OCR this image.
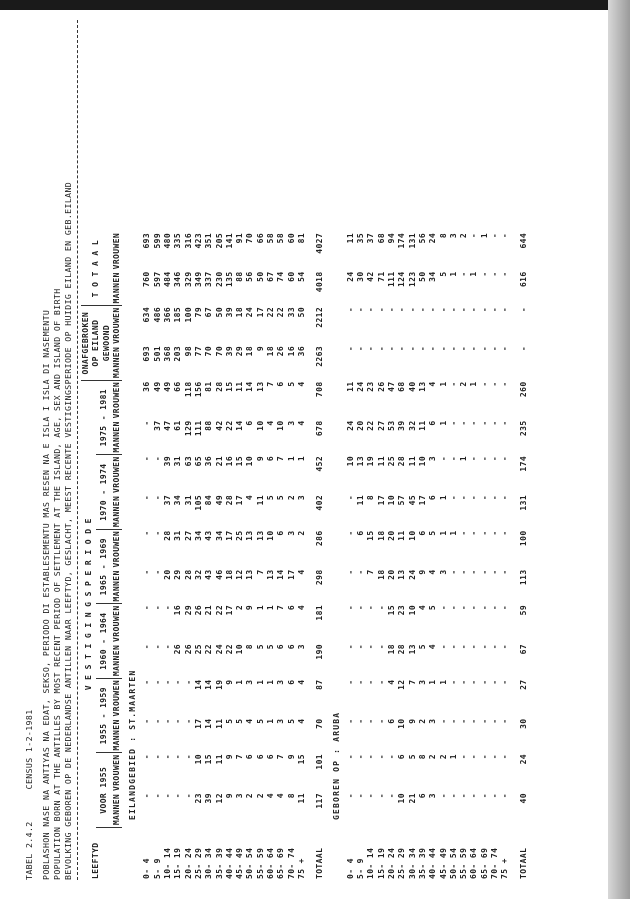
TABEL 2.4.2      CENSUS 1-2-1981 POBLASHON NASE NA ANTIYAS NA EDAT, SEKSO, PERIODO DI ESTABLESEMENTU MAS RESEN NA E ISLA I ISLA DI NASEMENTU POPULATION BORN AT THE ANTILLES BY MOST RECENT PERIOD OF SETTLEMENT AT THE ISLAND, AGE, SEX AND ISLAND OF BIRTH BEVOLKING GEBOREN OP DE NEDERLANDSE ANTILLEN NAAR LEEFTYD, GESLACHT, MEEST RECENTE VESTIGINGSPERIODE OP HUIDIG EILAND EN GEB.EILAND LEEFTYD	V E S T I G I N G S P E R I O D E												ONAFGEBROKEN OP EILAND GEWOOND		T O T A A L	
	VOOR 1955		1955 - 1959		1960 - 1964		1965 - 1969		1970 - 1974		1975 - 1981					
	MANNEN	VROUWEN	MANNEN	VROUWEN	MANNEN	VROUWEN	MANNEN	VROUWEN	MANNEN	VROUWEN	MANNEN	VROUWEN	MANNEN	VROUWEN	MANNEN	VROUWEN
EILANDGEBIED : ST.MAARTEN																
0- 4	-	-	-	-	-	-	-	-	-	-	-	36	693	634	760	693
5- 9	-	-	-	-	-	-	-	-	-	-	37	49	501	486	597	599
10- 14	-	-	-	-	-	-	20	28	37	39	47	49	368	366	484	480
15- 19	-	-	-	-	26	16	29	31	34	31	61	66	203	185	346	335
20- 24	-	-	-	-	26	29	28	27	31	63	129	118	98	100	329	316
25- 29	23	10	17	14	25	26	32	34	105	65	111	156	77	79	349	423
30- 34	39	15	14	14	22	21	43	43	84	36	88	81	70	67	337	351
35- 39	12	11	11	19	24	22	46	34	49	21	42	28	70	50	230	205
40- 44	9	9	5	9	22	17	18	17	28	16	22	15	39	39	135	141
45- 49	3	7	5	1	10	2	12	25	17	15	14	11	29	18	88	91
50- 54	2	6	4	3	8	9	13	13	4	10	6	14	18	24	56	70
55- 59	2	6	5	1	5	1	7	13	11	9	10	13	9	17	50	66
60- 64	4	6	1	1	5	1	13	10	5	6	4	7	18	22	67	58
65- 69	4	7	3	3	6	7	14	6	5	7	10	6	26	22	74	58
70- 74	8	9	5	6	6	6	17	3	2	1	3	5	16	33	60	60
75 +	11	15	4	4	3	4	4	2	3	1	4	4	36	50	54	81
TOTAAL	117	101	70	87	190	181	298	286	402	452	678	708	2263	2212	4018	4027
GEBOREN OP : ARUBA																
0- 4	-	-	-	-	-	-	-	-	-	10	24	11	-	-	24	11
5- 9	-	-	-	-	-	-	-	6	11	13	20	24	-	-	30	35
10- 14	-	-	-	-	-	-	7	15	8	19	22	23	-	-	42	37
15- 19	-	-	-	-	-	-	18	18	17	11	27	26	-	-	71	68
20- 24	-	-	6	4	18	15	20	20	10	25	53	47	-	-	111	94
25- 29	10	6	10	12	28	23	13	11	57	28	39	68	-	-	124	174
30- 34	21	5	9	7	13	10	24	10	45	11	32	40	-	-	123	131
35- 39	6	8	2	3	5	4	9	6	17	10	11	13	-	-	50	56
40- 44	3	2	3	1	4	5	4	5	6	3	6	4	-	-	34	24
45- 49	-	2	-	1	-	-	3	1	1	-	1	1	-	-	5	8
50- 54	-	1	-	-	-	-	-	1	-	-	-	-	-	-	1	3
55- 59	-	-	-	-	-	-	-	-	-	1	-	2	-	-	-	2
60- 64	-	-	-	-	-	-	-	-	-	-	-	1	-	-	1	-
65- 69	-	-	-	-	-	-	-	-	-	-	-	-	-	-	-	1
70- 74	-	-	-	-	-	-	-	-	-	-	-	-	-	-	-	-
75 +	-	-	-	-	-	-	-	-	-	-	-	-	-	-	-	-
TOTAAL	40	24	30	27	67	59	113	100	131	174	235	260	-	-	616	644
